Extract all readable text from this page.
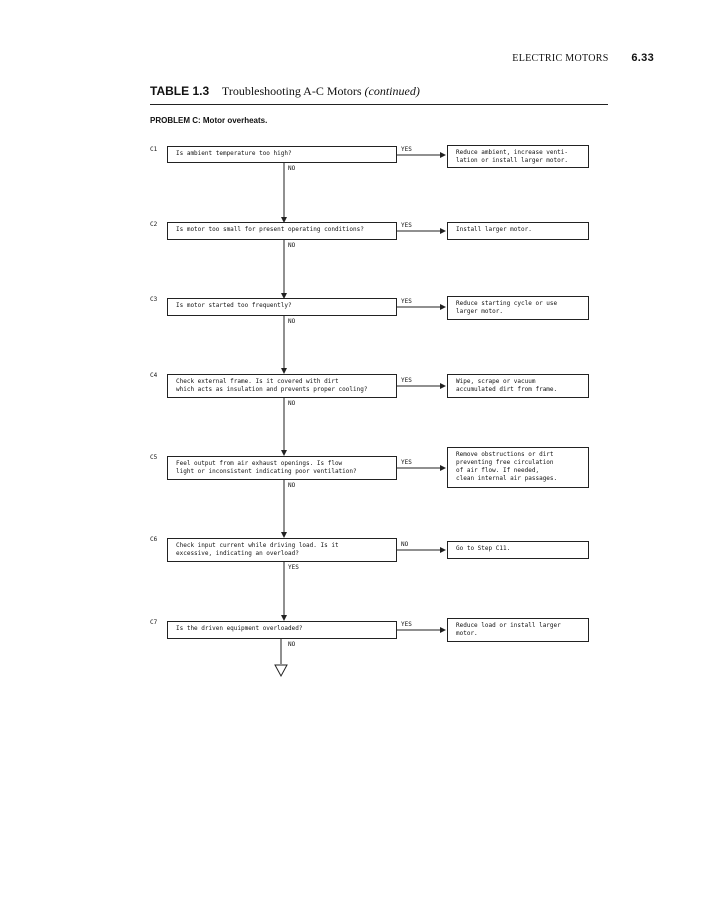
ELECTRIC MOTORS 6.33
TABLE 1.3 Troubleshooting A-C Motors (continued)
PROBLEM C: Motor overheats.
C1
Is ambient temperature too high?
YES	Reduce ambient, increase venti-
lation or install larger motor.
NO
C2
Is motor too small for present operating conditions?
YES
Install larger motor.
NO
C3
Is motor started too frequently?
YES	Reduce starting cycle or use
larger motor.
NO
C4
Check external frame. Is it covered with dirt
which acts as insulation and prevents proper cooling?
YES	Wipe, scrape or vacuum
accumulated dirt from frame.
NO
C5
Feel output from air exhaust openings. Is flow
light or inconsistent indicating poor ventilation?
YES
Remove obstructions or dirt
preventing free circulation
of air flow. If needed,
clean internal air passages.
NO
C6
Check input current while driving load. Is it
excessive, indicating an overload?
NO
Go to Step C11.
YES
C7
Is the driven equipment overloaded?
YES	Reduce load or install larger
motor.
NO
